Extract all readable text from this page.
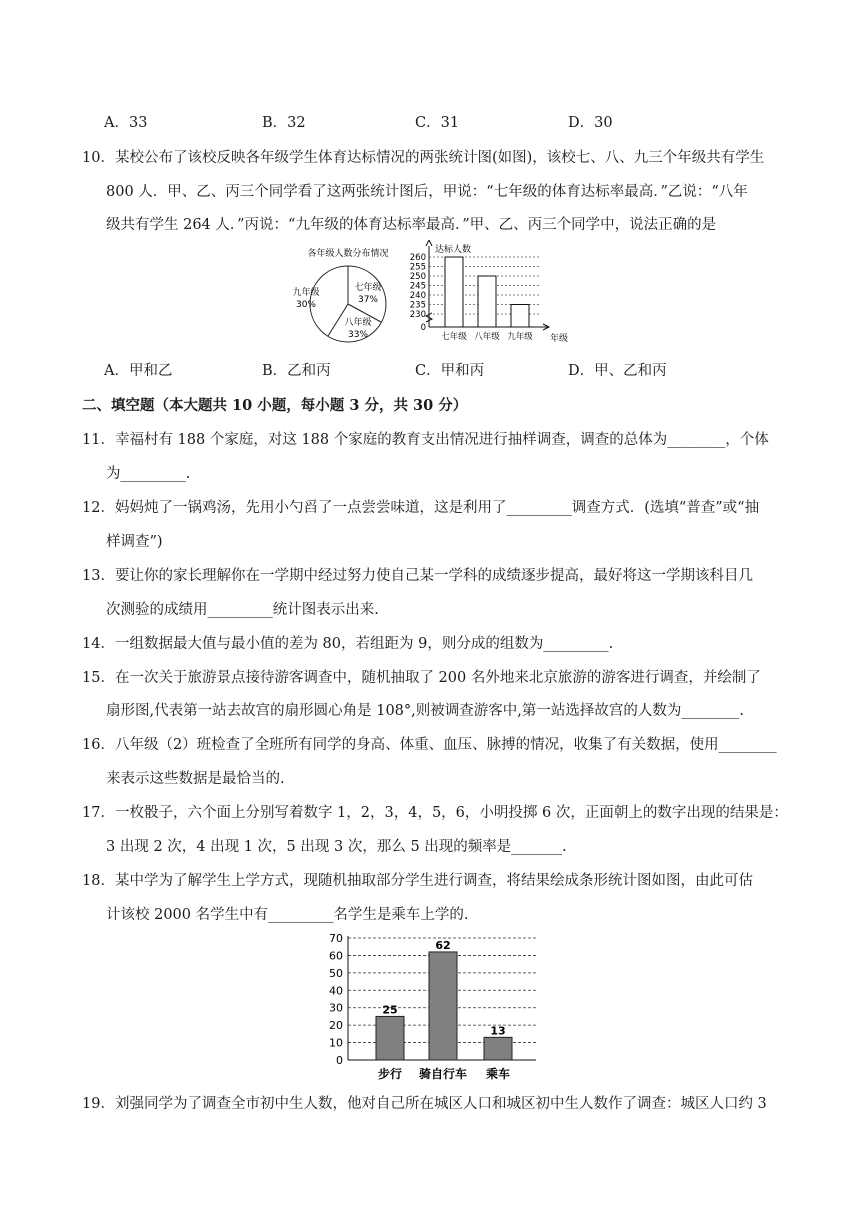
A．33	B．32	C．31	D．30
10．某校公布了该校反映各年级学生体育达标情况的两张统计图(如图)，该校七、八、九三个年级共有学生
800 人．甲、乙、丙三个同学看了这两张统计图后，甲说：“七年级的体育达标率最高．”乙说：“八年
级共有学生 264 人．”丙说：“九年级的体育达标率最高．”甲、乙、丙三个同学中，说法正确的是
各年级人数分布情况
七年级
37%
八年级
33%
九年级
30%
达标人数
年级
0
230
235
240
245
250
255
260
七年级 八年级 九年级
A．甲和乙	B．乙和丙	C．甲和丙	D．甲、乙和丙
二、填空题（本大题共 10 小题，每小题 3 分，共 30 分）
11．幸福村有 188 个家庭，对这 188 个家庭的教育支出情况进行抽样调查，调查的总体为________，个体
为_________.
12．妈妈炖了一锅鸡汤，先用小勺舀了一点尝尝味道，这是利用了_________调查方式．(选填“普查”或“抽
样调查”)
13．要让你的家长理解你在一学期中经过努力使自己某一学科的成绩逐步提高，最好将这一学期该科目几
次测验的成绩用_________统计图表示出来.
14．一组数据最大值与最小值的差为 80，若组距为 9，则分成的组数为_________.
15．在一次关于旅游景点接待游客调查中，随机抽取了 200 名外地来北京旅游的游客进行调查，并绘制了
扇形图,代表第一站去故宫的扇形圆心角是 108°,则被调查游客中,第一站选择故宫的人数为________.
16．八年级（2）班检查了全班所有同学的身高、体重、血压、脉搏的情况，收集了有关数据，使用________
来表示这些数据是最恰当的.
17．一枚骰子，六个面上分别写着数字 1，2，3，4，5，6，小明投掷 6 次，正面朝上的数字出现的结果是：
3 出现 2 次，4 出现 1 次，5 出现 3 次，那么 5 出现的频率是_______.
18．某中学为了解学生上学方式，现随机抽取部分学生进行调查，将结果绘成条形统计图如图，由此可估
计该校 2000 名学生中有_________名学生是乘车上学的.
0
10
20
30
40
50
60
70
25
步行
62
骑自行车
13
乘车
19．刘强同学为了调查全市初中生人数，他对自己所在城区人口和城区初中生人数作了调查：城区人口约 3
